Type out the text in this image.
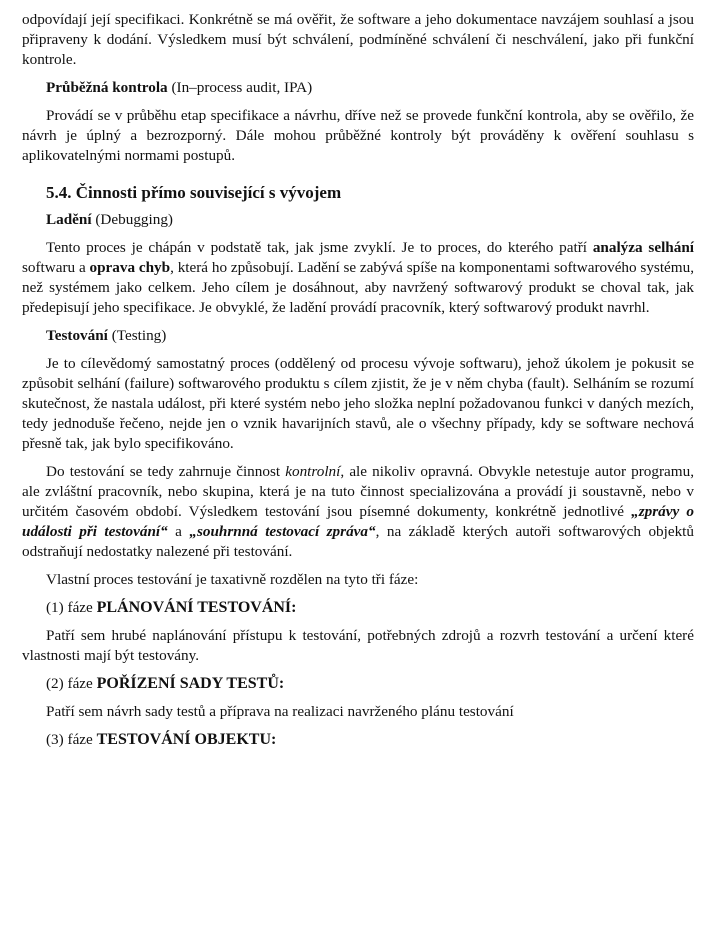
odpovídají její specifikaci. Konkrétně se má ověřit, že software a jeho dokumentace navzájem souhlasí a jsou připraveny k dodání. Výsledkem musí být schválení, podmíněné schválení či neschválení, jako při funkční kontrole.

Průběžná kontrola (In–process audit, IPA)

Provádí se v průběhu etap specifikace a návrhu, dříve než se provede funkční kontrola, aby se ověřilo, že návrh je úplný a bezrozporný. Dále mohou průběžné kontroly být prováděny k ověření souhlasu s aplikovatelnými normami postupů.

5.4. Činnosti přímo související s vývojem
Ladění (Debugging)

Tento proces je chápán v podstatě tak, jak jsme zvyklí. Je to proces, do kterého patří analýza selhání softwaru a oprava chyb, která ho způsobují. Ladění se zabývá spíše na komponentami softwarového systému, než systémem jako celkem. Jeho cílem je dosáhnout, aby navržený softwarový produkt se choval tak, jak předepisují jeho specifikace. Je obvyklé, že ladění provádí pracovník, který softwarový produkt navrhl.

Testování (Testing)

Je to cílevědomý samostatný proces (oddělený od procesu vývoje softwaru), jehož úkolem je pokusit se způsobit selhání (failure) softwarového produktu s cílem zjistit, že je v něm chyba (fault). Selháním se rozumí skutečnost, že nastala událost, při které systém nebo jeho složka neplní požadovanou funkci v daných mezích, tedy jednoduše řečeno, nejde jen o vznik havarijních stavů, ale o všechny případy, kdy se software nechová přesně tak, jak bylo specifikováno.

Do testování se tedy zahrnuje činnost kontrolní, ale nikoliv opravná. Obvykle netestuje autor programu, ale zvláštní pracovník, nebo skupina, která je na tuto činnost specializována a provádí ji soustavně, nebo v určitém časovém období. Výsledkem testování jsou písemné dokumenty, konkrétně jednotlivé „zprávy o události při testování“ a „souhrnná testovací zpráva“, na základě kterých autoři softwarových objektů odstraňují nedostatky nalezené při testování.

Vlastní proces testování je taxativně rozdělen na tyto tři fáze:

(1) fáze PLÁNOVÁNÍ TESTOVÁNÍ:

Patří sem hrubé naplánování přístupu k testování, potřebných zdrojů a rozvrh testování a určení které vlastnosti mají být testovány.

(2) fáze POŘÍZENÍ SADY TESTŮ:

Patří sem návrh sady testů a příprava na realizaci navrženého plánu testování

(3) fáze TESTOVÁNÍ OBJEKTU:
